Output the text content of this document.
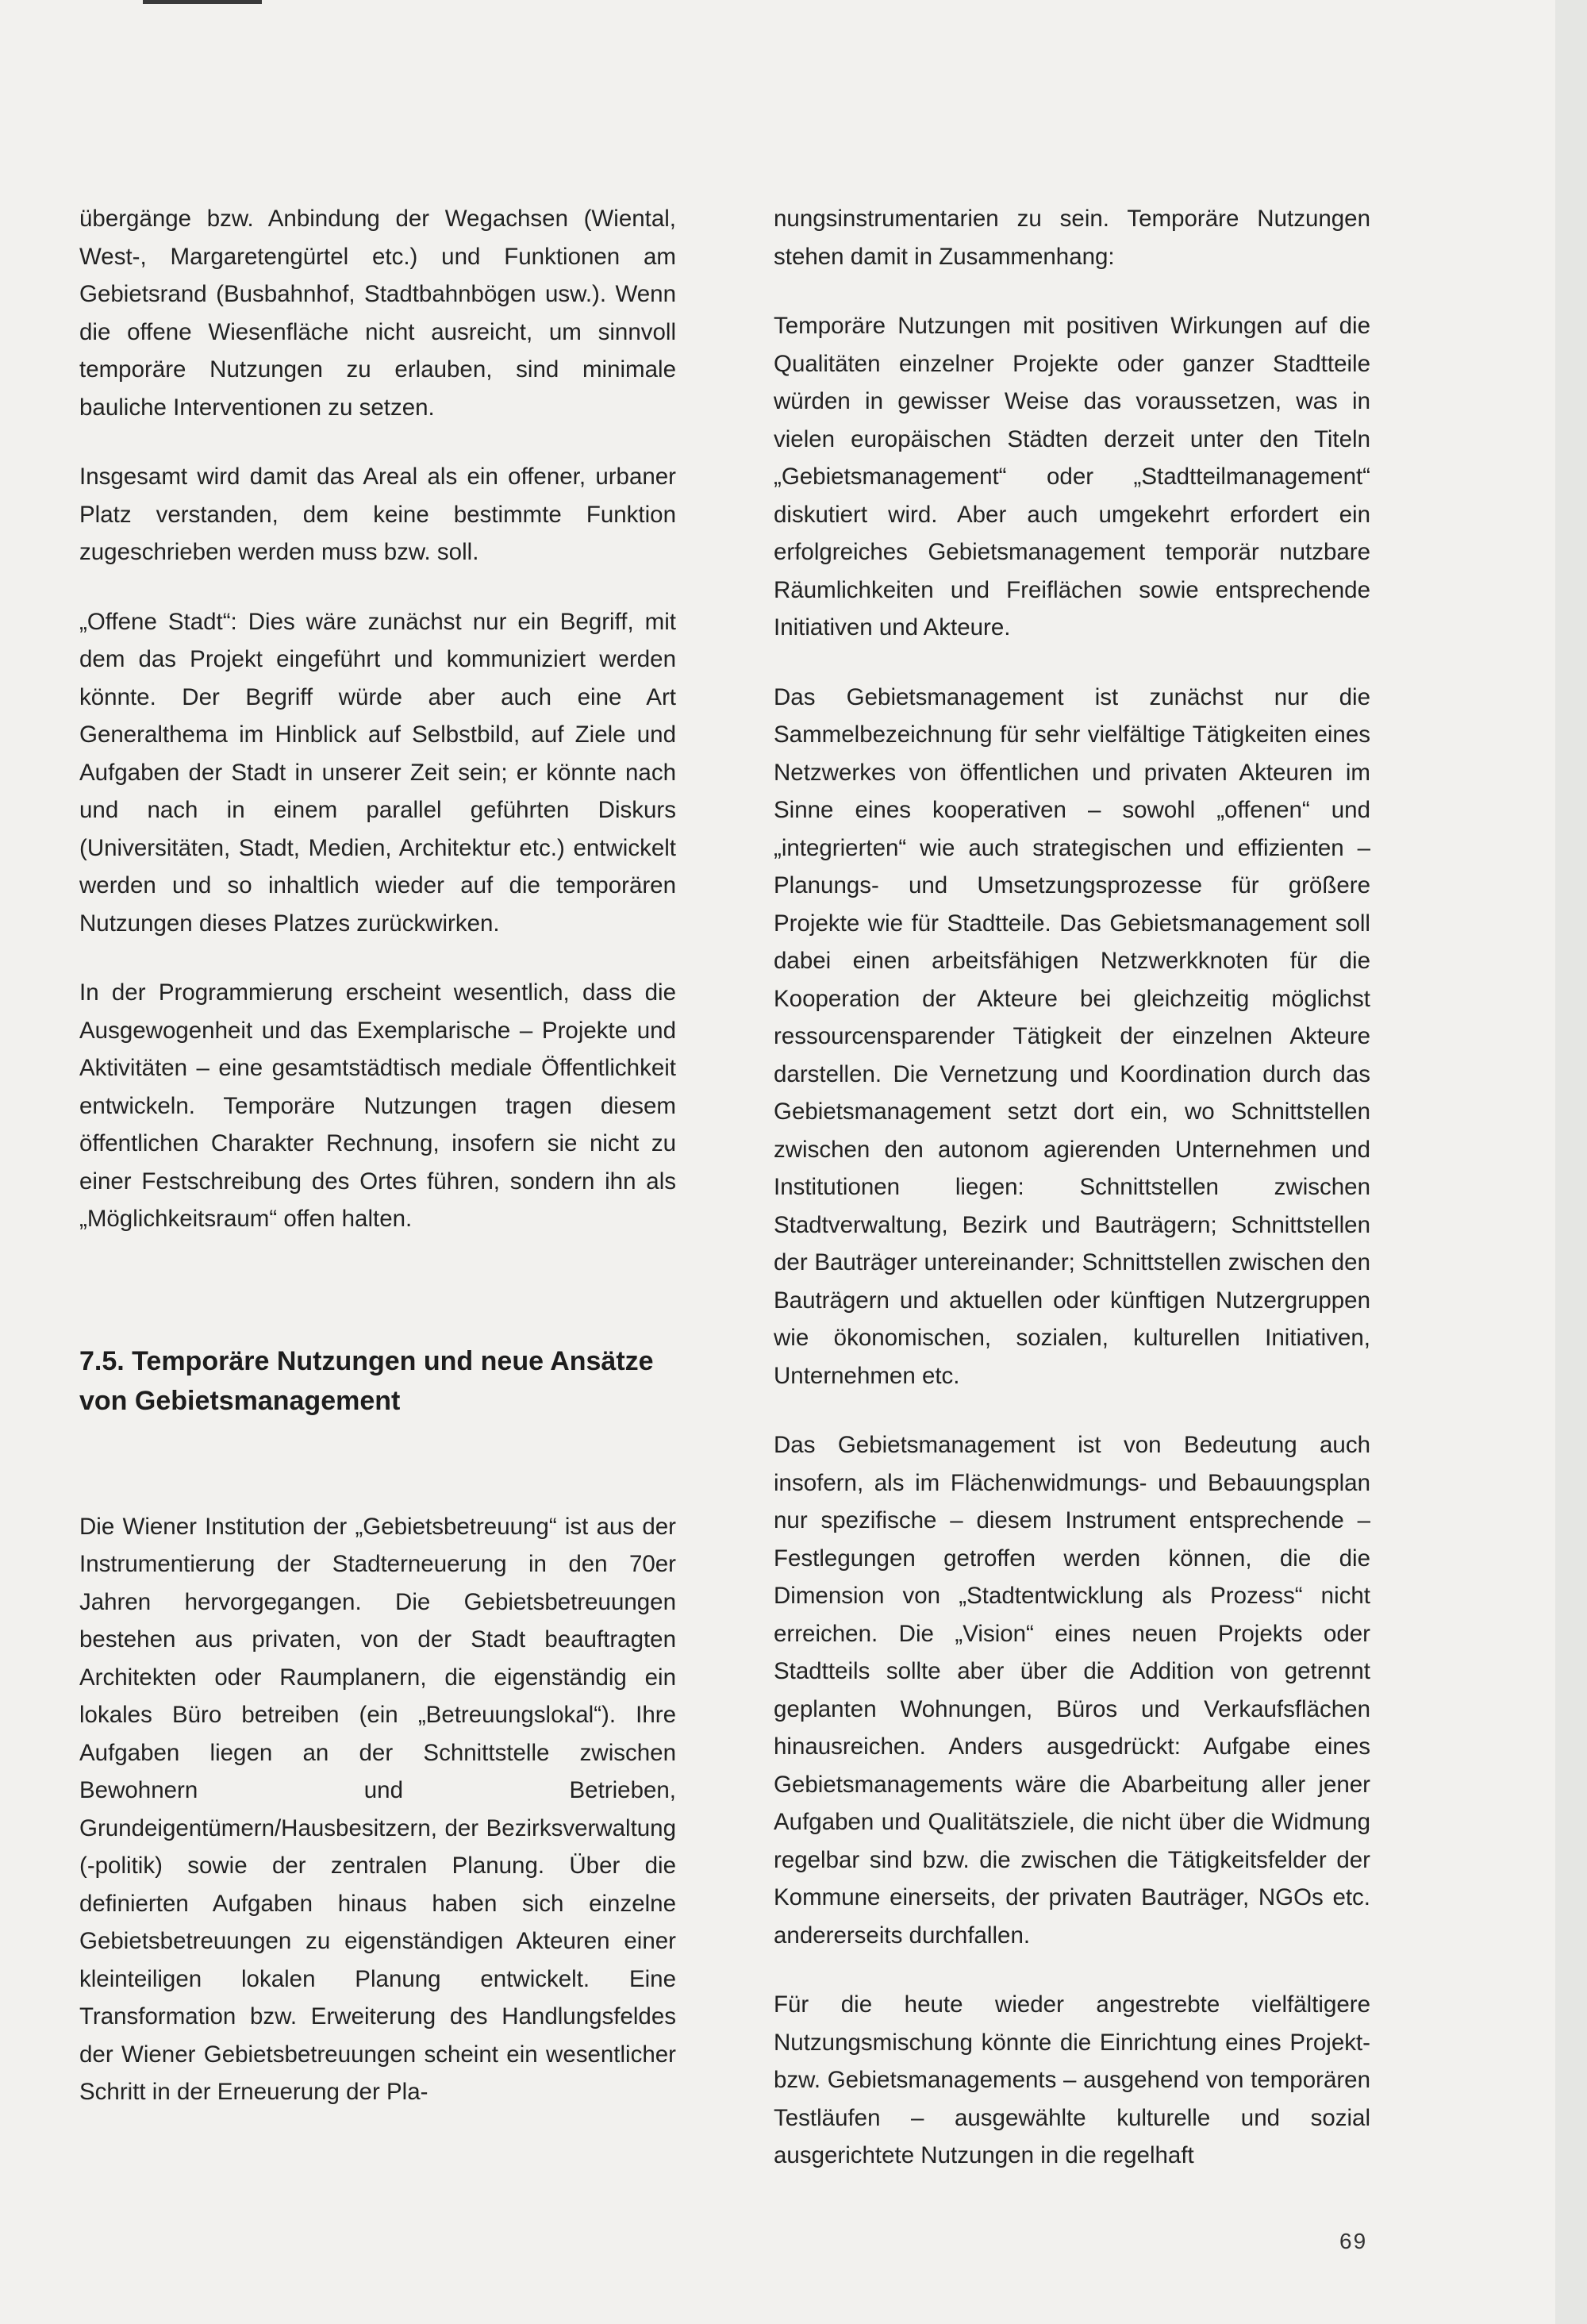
übergänge bzw. Anbindung der Wegachsen (Wiental, West-, Margaretengürtel etc.) und Funktionen am Gebietsrand (Busbahnhof, Stadtbahnbögen usw.). Wenn die offene Wiesenfläche nicht ausreicht, um sinnvoll temporäre Nutzungen zu erlauben, sind minimale bauliche Interventionen zu setzen.

Insgesamt wird damit das Areal als ein offener, urbaner Platz verstanden, dem keine bestimmte Funktion zugeschrieben werden muss bzw. soll.

„Offene Stadt“: Dies wäre zunächst nur ein Begriff, mit dem das Projekt eingeführt und kommuniziert werden könnte. Der Begriff würde aber auch eine Art Generalthema im Hinblick auf Selbstbild, auf Ziele und Aufgaben der Stadt in unserer Zeit sein; er könnte nach und nach in einem parallel geführten Diskurs (Universitäten, Stadt, Medien, Architektur etc.) entwickelt werden und so inhaltlich wieder auf die temporären Nutzungen dieses Platzes zurückwirken.

In der Programmierung erscheint wesentlich, dass die Ausgewogenheit und das Exemplarische – Projekte und Aktivitäten – eine gesamtstädtisch mediale Öffentlichkeit entwickeln. Temporäre Nutzungen tragen diesem öffentlichen Charakter Rechnung, insofern sie nicht zu einer Festschreibung des Ortes führen, sondern ihn als „Möglichkeitsraum“ offen halten.

7.5. Temporäre Nutzungen und neue Ansätze von Gebietsmanagement

Die Wiener Institution der „Gebietsbetreuung“ ist aus der Instrumentierung der Stadterneuerung in den 70er Jahren hervorgegangen. Die Gebietsbetreuungen bestehen aus privaten, von der Stadt beauftragten Architekten oder Raumplanern, die eigenständig ein lokales Büro betreiben (ein „Betreuungslokal“). Ihre Aufgaben liegen an der Schnittstelle zwischen Bewohnern und Betrieben, Grundeigentümern/Hausbesitzern, der Bezirksverwaltung (-politik) sowie der zentralen Planung. Über die definierten Aufgaben hinaus haben sich einzelne Gebietsbetreuungen zu eigenständigen Akteuren einer kleinteiligen lokalen Planung entwickelt. Eine Transformation bzw. Erweiterung des Handlungsfeldes der Wiener Gebietsbetreuungen scheint ein wesentlicher Schritt in der Erneuerung der Pla-

nungsinstrumentarien zu sein. Temporäre Nutzungen stehen damit in Zusammenhang:

Temporäre Nutzungen mit positiven Wirkungen auf die Qualitäten einzelner Projekte oder ganzer Stadtteile würden in gewisser Weise das voraussetzen, was in vielen europäischen Städten derzeit unter den Titeln „Gebietsmanagement“ oder „Stadtteilmanagement“ diskutiert wird. Aber auch umgekehrt erfordert ein erfolgreiches Gebietsmanagement temporär nutzbare Räumlichkeiten und Freiflächen sowie entsprechende Initiativen und Akteure.

Das Gebietsmanagement ist zunächst nur die Sammelbezeichnung für sehr vielfältige Tätigkeiten eines Netzwerkes von öffentlichen und privaten Akteuren im Sinne eines kooperativen – sowohl „offenen“ und „integrierten“ wie auch strategischen und effizienten – Planungs- und Umsetzungsprozesse für größere Projekte wie für Stadtteile. Das Gebietsmanagement soll dabei einen arbeitsfähigen Netzwerkknoten für die Kooperation der Akteure bei gleichzeitig möglichst ressourcensparender Tätigkeit der einzelnen Akteure darstellen. Die Vernetzung und Koordination durch das Gebietsmanagement setzt dort ein, wo Schnittstellen zwischen den autonom agierenden Unternehmen und Institutionen liegen: Schnittstellen zwischen Stadtverwaltung, Bezirk und Bauträgern; Schnittstellen der Bauträger untereinander; Schnittstellen zwischen den Bauträgern und aktuellen oder künftigen Nutzergruppen wie ökonomischen, sozialen, kulturellen Initiativen, Unternehmen etc.

Das Gebietsmanagement ist von Bedeutung auch insofern, als im Flächenwidmungs- und Bebauungsplan nur spezifische – diesem Instrument entsprechende – Festlegungen getroffen werden können, die die Dimension von „Stadtentwicklung als Prozess“ nicht erreichen. Die „Vision“ eines neuen Projekts oder Stadtteils sollte aber über die Addition von getrennt geplanten Wohnungen, Büros und Verkaufsflächen hinausreichen. Anders ausgedrückt: Aufgabe eines Gebietsmanagements wäre die Abarbeitung aller jener Aufgaben und Qualitätsziele, die nicht über die Widmung regelbar sind bzw. die zwischen die Tätigkeitsfelder der Kommune einerseits, der privaten Bauträger, NGOs etc. andererseits durchfallen.

Für die heute wieder angestrebte vielfältigere Nutzungsmischung könnte die Einrichtung eines Projekt- bzw. Gebietsmanagements – ausgehend von temporären Testläufen – ausgewählte kulturelle und sozial ausgerichtete Nutzungen in die regelhaft

69
